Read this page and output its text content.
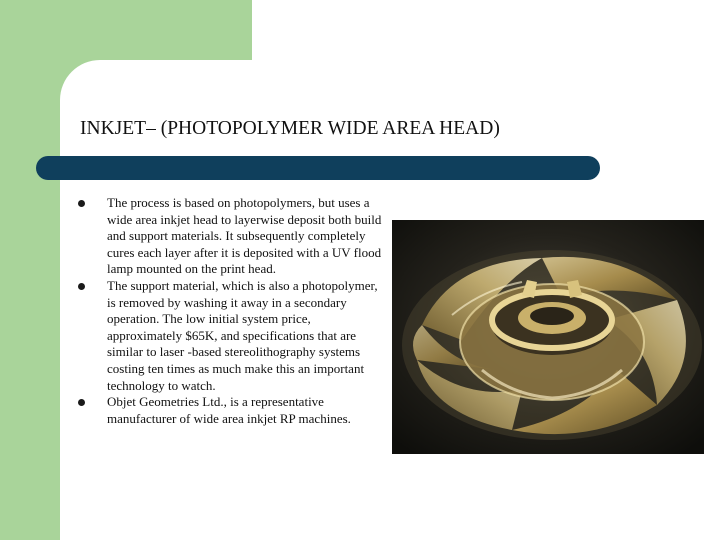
INKJET– (PHOTOPOLYMER WIDE AREA HEAD)
The process is based on photopolymers, but uses a wide area inkjet head to layerwise deposit both build and support materials. It subsequently completely cures each layer after it is deposited with a UV flood lamp mounted on the print head.
The support material, which is also a photopolymer, is removed by washing it away in a secondary operation. The low initial system price, approximately $65K, and specifications that are similar to laser -based stereolithography systems costing ten times as much make this an important technology to watch.
Objet Geometries Ltd., is a representative manufacturer of wide area inkjet RP machines.
